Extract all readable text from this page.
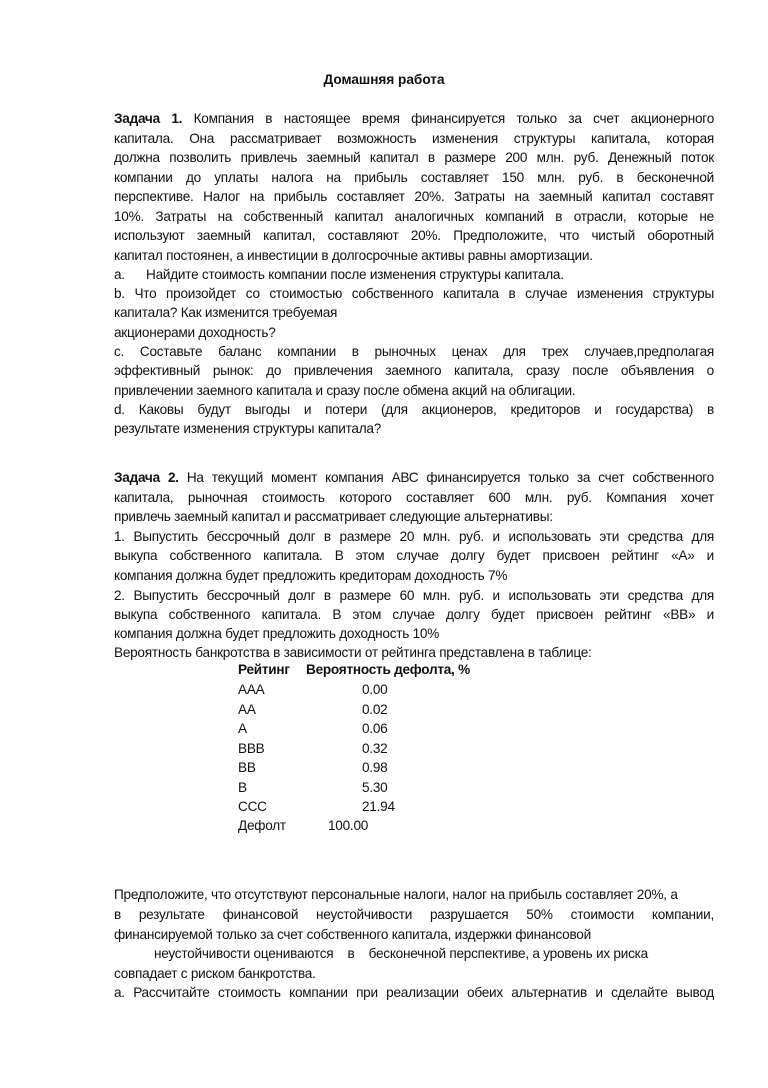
Домашняя работа
Задача 1. Компания в настоящее время финансируется только за счет акционерного
капитала. Она рассматривает возможность изменения структуры капитала, которая
должна позволить привлечь заемный капитал в размере 200 млн. руб. Денежный поток
компании до уплаты налога на прибыль составляет 150 млн. руб. в бесконечной
перспективе. Налог на прибыль составляет 20%. Затраты на заемный капитал составят
10%. Затраты на собственный капитал аналогичных компаний в отрасли, которые не
используют заемный капитал, составляют 20%. Предположите, что чистый оборотный
капитал постоянен, а инвестиции в долгосрочные активы равны амортизации.
a.      Найдите стоимость компании после изменения структуры капитала.
b. Что произойдет со стоимостью собственного капитала в случае изменения структуры
капитала? Как изменится требуемая
акционерами доходность?
c. Составьте баланс компании в рыночных ценах для трех случаев,предполагая
эффективный рынок: до привлечения заемного капитала, сразу после объявления о
привлечении заемного капитала и сразу после обмена акций на облигации.
d. Каковы будут выгоды и потери (для акционеров, кредиторов и государства) в
результате изменения структуры капитала?
Задача 2. На текущий момент компания АВС финансируется только за счет собственного
капитала, рыночная стоимость которого составляет 600 млн. руб. Компания хочет
привлечь заемный капитал и рассматривает следующие альтернативы:
1. Выпустить бессрочный долг в размере 20 млн. руб. и использовать эти средства для
выкупа собственного капитала. В этом случае долгу будет присвоен рейтинг «А» и
компания должна будет предложить кредиторам доходность 7%
2. Выпустить бессрочный долг в размере 60 млн. руб. и использовать эти средства для
выкупа собственного капитала. В этом случае долгу будет присвоен рейтинг «ВВ» и
компания должна будет предложить доходность 10%
Вероятность банкротства в зависимости от рейтинга представлена в таблице:
Рейтинг Вероятность дефолта, %
AAA	0.00
AA	0.02
A	0.06
BBB	0.32
BB	0.98
B	5.30
CCC	21.94
Дефолт	100.00
Предположите, что отсутствуют персональные налоги, налог на прибыль составляет 20%, а
в результате финансовой неустойчивости разрушается 50% стоимости компании,
финансируемой только за счет собственного капитала, издержки финансовой
неустойчивости оцениваются    в    бесконечной перспективе, а уровень их риска
совпадает с риском банкротства.
a. Рассчитайте стоимость компании при реализации обеих альтернатив и сделайте вывод
